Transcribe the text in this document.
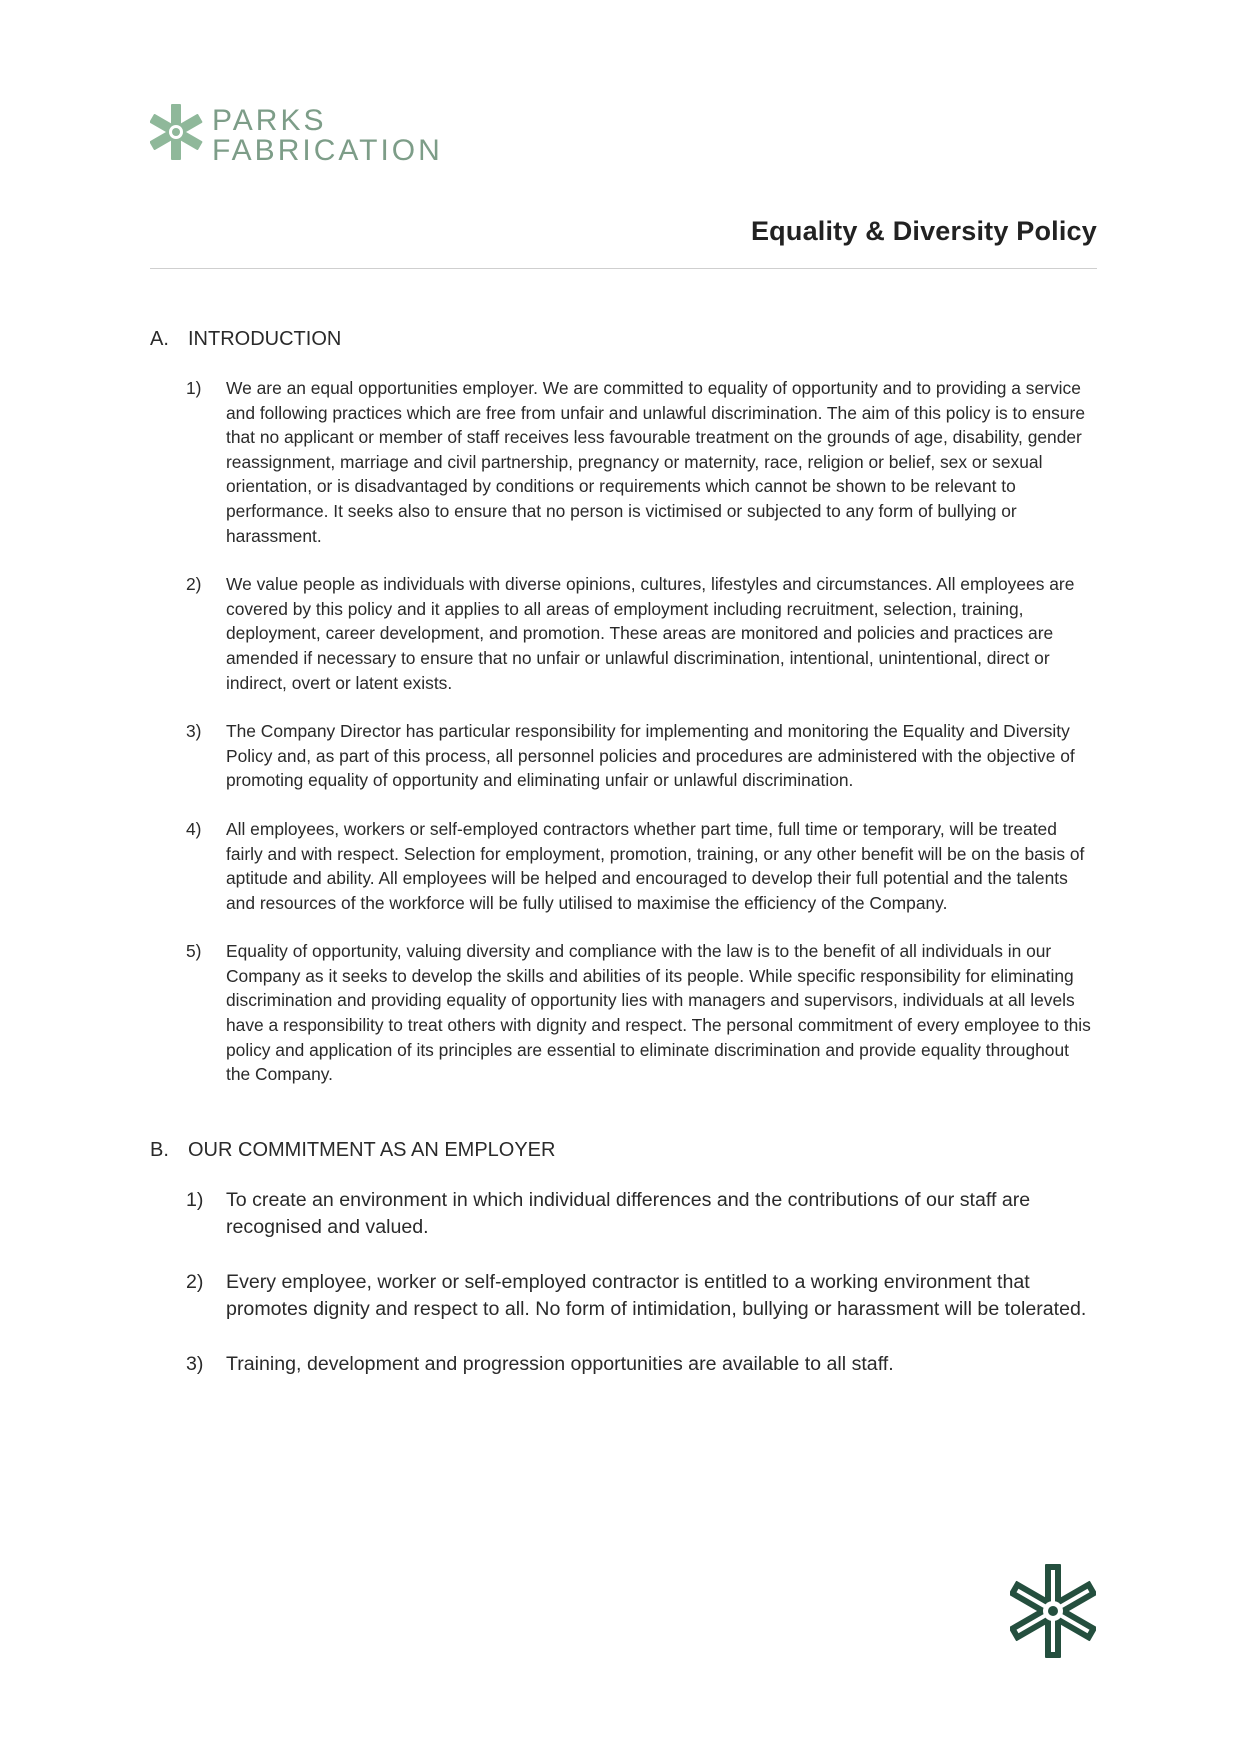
PARKS
FABRICATION
Equality & Diversity Policy
A. INTRODUCTION
1)	We are an equal opportunities employer. We are committed to equality of opportunity and to providing a service and following practices which are free from unfair and unlawful discrimination. The aim of this policy is to ensure that no applicant or member of staff receives less favourable treatment on the grounds of age, disability, gender reassignment, marriage and civil partnership, pregnancy or maternity, race, religion or belief, sex or sexual orientation, or is disadvantaged by conditions or requirements which cannot be shown to be relevant to performance. It seeks also to ensure that no person is victimised or subjected to any form of bullying or harassment.
2)	We value people as individuals with diverse opinions, cultures, lifestyles and circumstances. All employees are covered by this policy and it applies to all areas of employment including recruitment, selection, training, deployment, career development, and promotion. These areas are monitored and policies and practices are amended if necessary to ensure that no unfair or unlawful discrimination, intentional, unintentional, direct or indirect, overt or latent exists.
3)	The Company Director has particular responsibility for implementing and monitoring the Equality and Diversity Policy and, as part of this process, all personnel policies and procedures are administered with the objective of promoting equality of opportunity and eliminating unfair or unlawful discrimination.
4)	All employees, workers or self-employed contractors whether part time, full time or temporary, will be treated fairly and with respect. Selection for employment, promotion, training, or any other benefit will be on the basis of aptitude and ability. All employees will be helped and encouraged to develop their full potential and the talents and resources of the workforce will be fully utilised to maximise the efficiency of the Company.
5)	Equality of opportunity, valuing diversity and compliance with the law is to the benefit of all individuals in our Company as it seeks to develop the skills and abilities of its people. While specific responsibility for eliminating discrimination and providing equality of opportunity lies with managers and supervisors, individuals at all levels have a responsibility to treat others with dignity and respect. The personal commitment of every employee to this policy and application of its principles are essential to eliminate discrimination and provide equality throughout the Company.
B. OUR COMMITMENT AS AN EMPLOYER
1)	To create an environment in which individual differences and the contributions of our staff are recognised and valued.
2)	Every employee, worker or self-employed contractor is entitled to a working environment that promotes dignity and respect to all. No form of intimidation, bullying or harassment will be tolerated.
3)	Training, development and progression opportunities are available to all staff.
